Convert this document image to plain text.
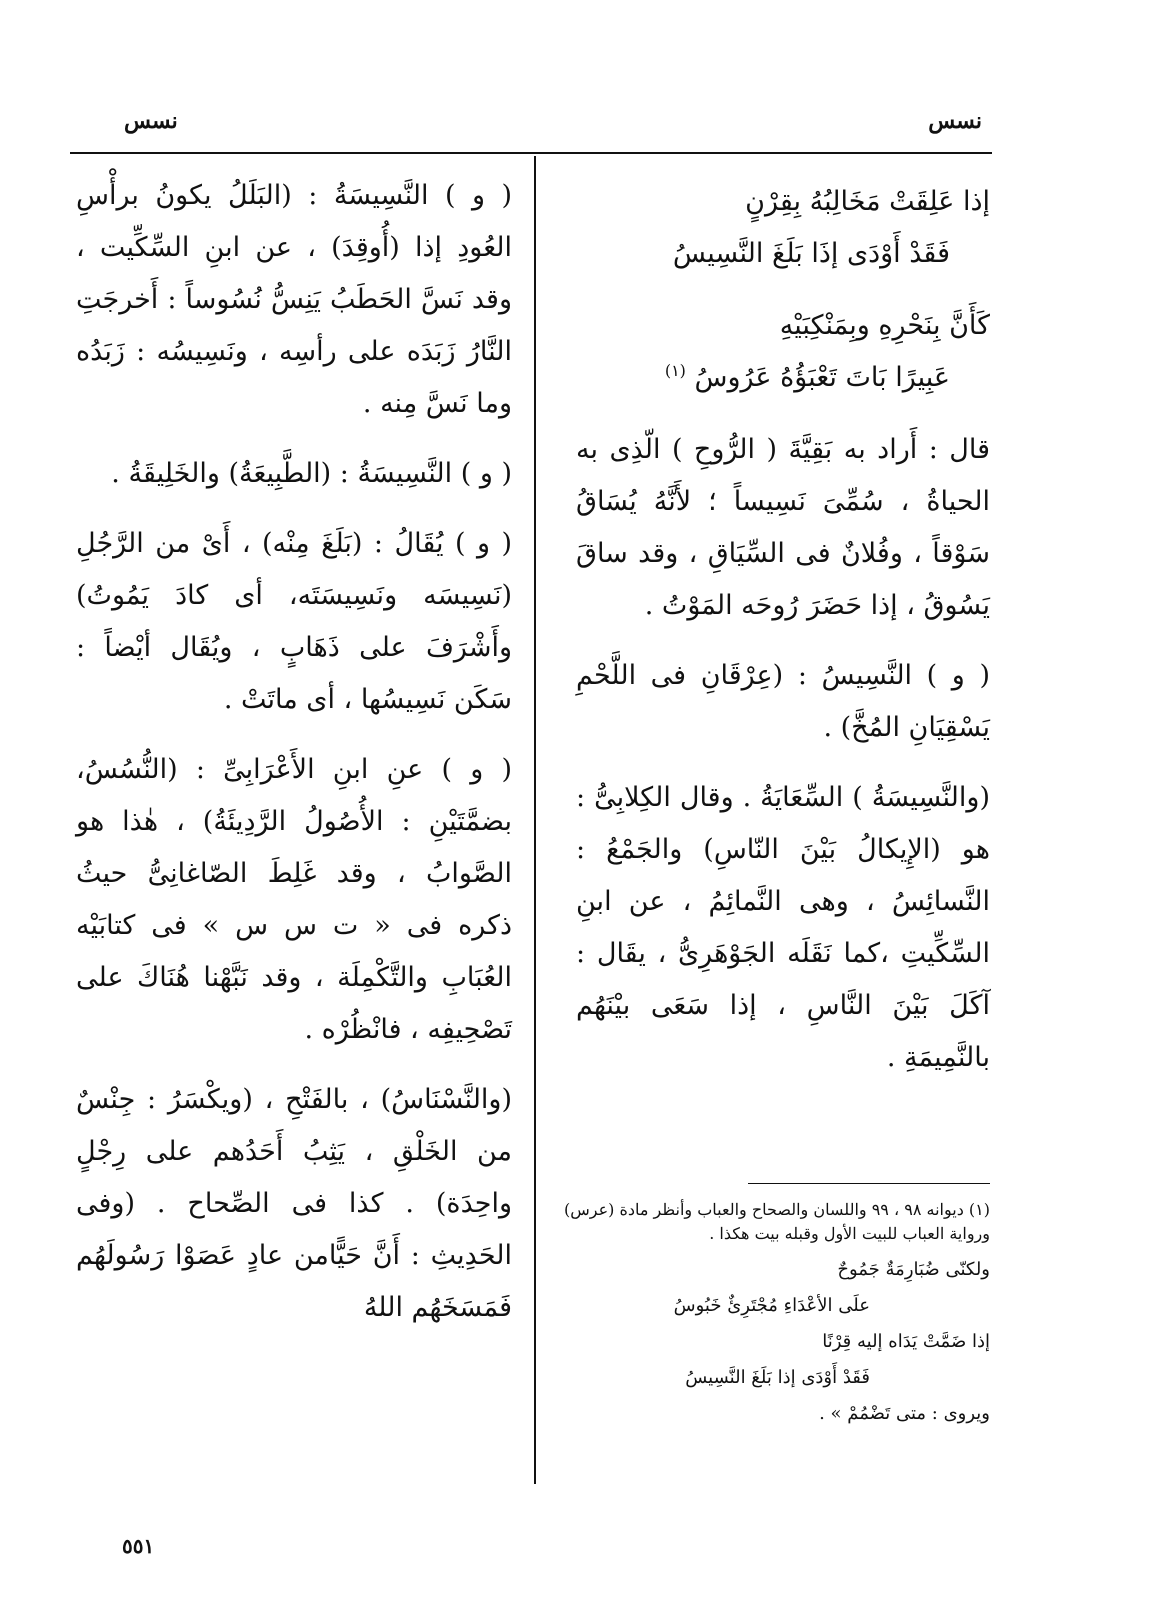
نسس
نسس

إذا عَلِقَتْ مَخَالِبُهُ بِقِرْنٍ

فَقَدْ أَوْدَى إذَا بَلَغَ النَّسِيسُ

كَأَنَّ بِنَحْرِهِ وبِمَنْكِبَيْهِ

عَبِيرًا بَاتَ تَعْبَؤُهُ عَرُوسُ $^{(١)}$

قال : أَراد به بَقِيَّةَ ( الرُّوحِ ) الّذِى به الحياةُ ، سُمِّىَ نَسِيساً ؛ لأَنَّهُ يُسَاقُ سَوْقاً ، وفُلانٌ فى السِّيَاقِ ، وقد ساقَ يَسُوقُ ، إذا حَضَرَ رُوحَه المَوْتُ .

( و ) النَّسِيسُ : (عِرْقَانِ فى اللَّحْمِ يَسْقِيَانِ المُخَّ) .

(والنَّسِيسَةُ ) السِّعَايَةُ . وقال الكِلابِىُّ : هو (الإِيكالُ بَيْنَ النّاسِ) والجَمْعُ : النَّسائِسُ ، وهى النَّمائِمُ ، عن ابنِ السِّكِّيتِ ،كما نَقَلَه الجَوْهَرِىُّ ، يقَال : آكَلَ بَيْنَ النَّاسِ ، إذا سَعَى بيْنَهُم بالنَّمِيمَةِ .

( و ) النَّسِيسَةُ : (البَلَلُ يكونُ برأْسِ العُودِ إذا (أُوقِدَ) ، عن ابنِ السِّكِّيت ، وقد نَسَّ الحَطَبُ يَنِسُّ نُسُوساً : أَخرجَتِ النَّارُ زَبَدَه على رأسِه ، ونَسِيسُه : زَبَدُه وما نَسَّ مِنه .

( و ) النَّسِيسَةُ : (الطَّبِيعَةُ) والخَلِيقَةُ .

( و ) يُقَالُ : (بَلَغَ مِنْه) ، أَىْ من الرَّجُلِ (نَسِيسَه ونَسِيسَتَه، أى كادَ يَمُوتُ) وأَشْرَفَ على ذَهَابٍ ، ويُقَال أيْضاً : سَكَن نَسِيسُها ، أى ماتَتْ .

( و ) عنِ ابنِ الأَعْرَابِىِّ : (النُّسُسُ، بضمَّتَيْنِ : الأُصُولُ الرَّدِيئَةُ) ، هٰذا هو الصَّوابُ ، وقد غَلِطَ الصّاغانِىُّ حيثُ ذكره فى « ت س س » فى كتابَيْه العُبَابِ والتَّكْمِلَة ، وقد نَبَّهْنا هُنَاكَ على تَصْحِيفِه ، فانْظُرْه .

(والنَّسْنَاسُ) ، بالفَتْحِ ، (ويكْسَرُ : جِنْسٌ من الخَلْقِ ، يَثِبُ أَحَدُهم على رِجْلٍ واحِدَة) . كذا فى الصِّحاح . (وفى الحَدِيثِ : أَنَّ حَيًّامن عادٍ عَصَوْا رَسُولَهُم فَمَسَخَهُم اللهُ

(١) ديوانه ٩٨ ، ٩٩ واللسان والصحاح والعباب وأنظر مادة (عرس) ورواية العباب للبيت الأول وقبله بيت هكذا .

ولكنّى ضُبَارِمَةٌ جَمُوحٌ

علَى الأعْدَاءِ مُجْتَرِئٌ خَبُوسُ

إذا ضَمَّتْ يَدَاه إليه قِرْنًا

فَقَدْ أَوْدَى إذا بَلَغَ النَّسِيسُ

ويروى : متى تَضْمُمْ » .

٥٥١
